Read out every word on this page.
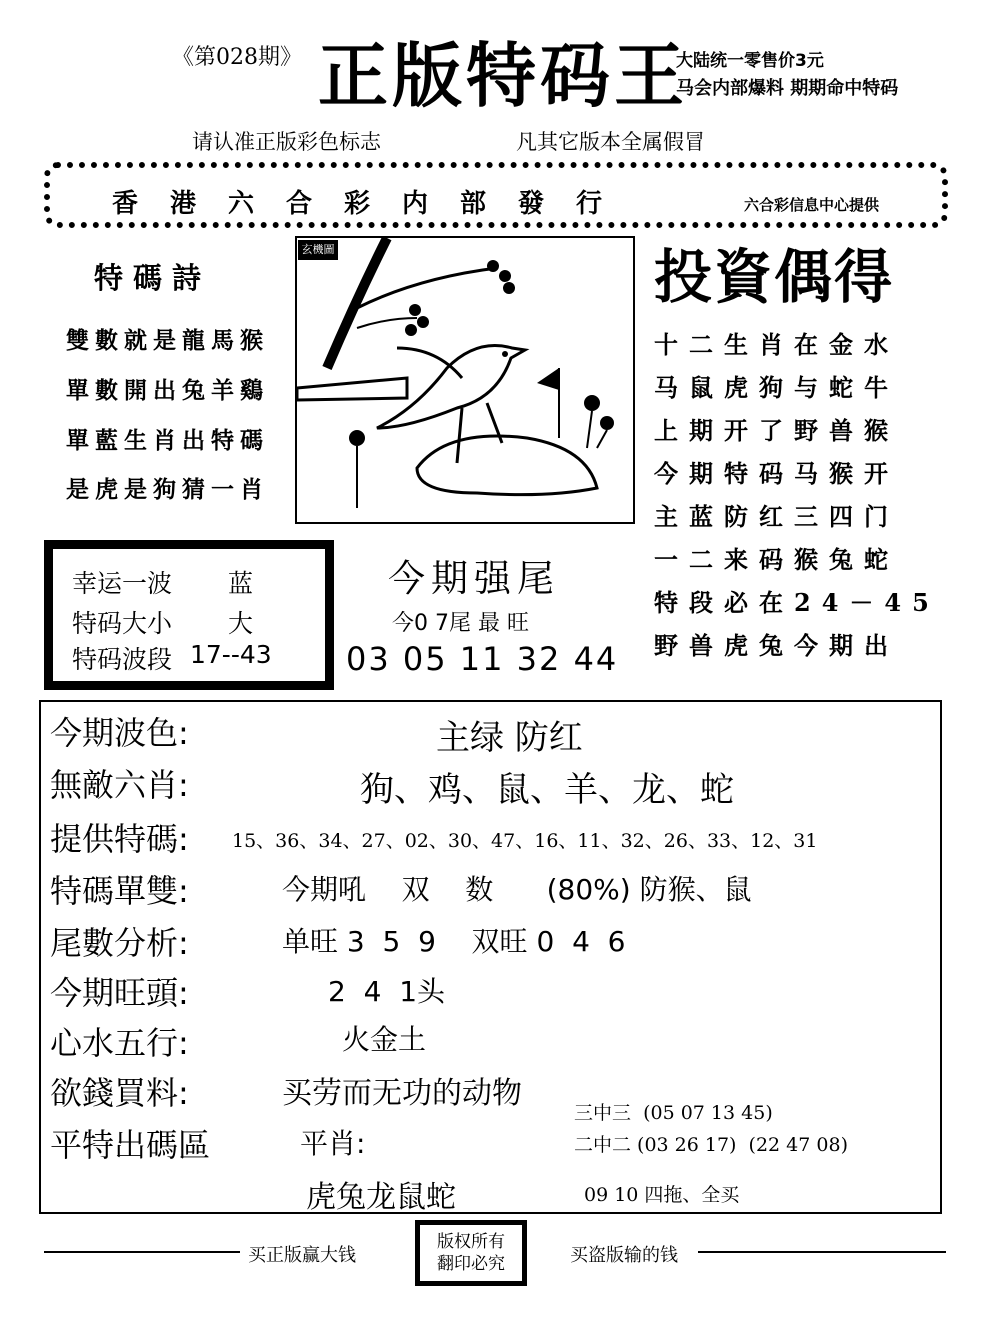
《第028期》 正版特码王
大陆统一零售价3元
马会内部爆料 期期命中特码
请认准正版彩色标志	凡其它版本全属假冒
香港六合彩内部發行	六合彩信息中心提供
特碼詩
雙數就是龍馬猴
單數開出兔羊鷄
單藍生肖出特碼
是虎是狗猜一肖
玄機圖	投資偶得
十二生肖在金水
马鼠虎狗与蛇牛
上期开了野兽猴
今期特码马猴开
主蓝防红三四门
一二来码猴兔蛇
特段必在24－45
野兽虎兔今期出
幸运一波 蓝
特码大小 大
特码波段 17--43
今期强尾
今0 7尾 最 旺
03 05 11 32 44
今期波色:	主绿 防红
無敵六肖:	狗、鸡、鼠、羊、龙、蛇
提供特碼: 15、36、34、27、02、30、47、16、11、32、26、33、12、31
特碼單雙:	今期吼    双    数      (80%) 防猴、鼠
尾數分析:	单旺 3  5  9    双旺 0  4  6
今期旺頭:	2  4  1头
心水五行:	火金土
欲錢買料:	买劳而无功的动物
平特出碼區	平肖:
虎兔龙鼠蛇
三中三  (05 07 13 45)
二中二 (03 26 17)  (22 47 08)
09 10 四拖、全买
买正版赢大钱	买盗版输的钱
版权所有
翻印必究
